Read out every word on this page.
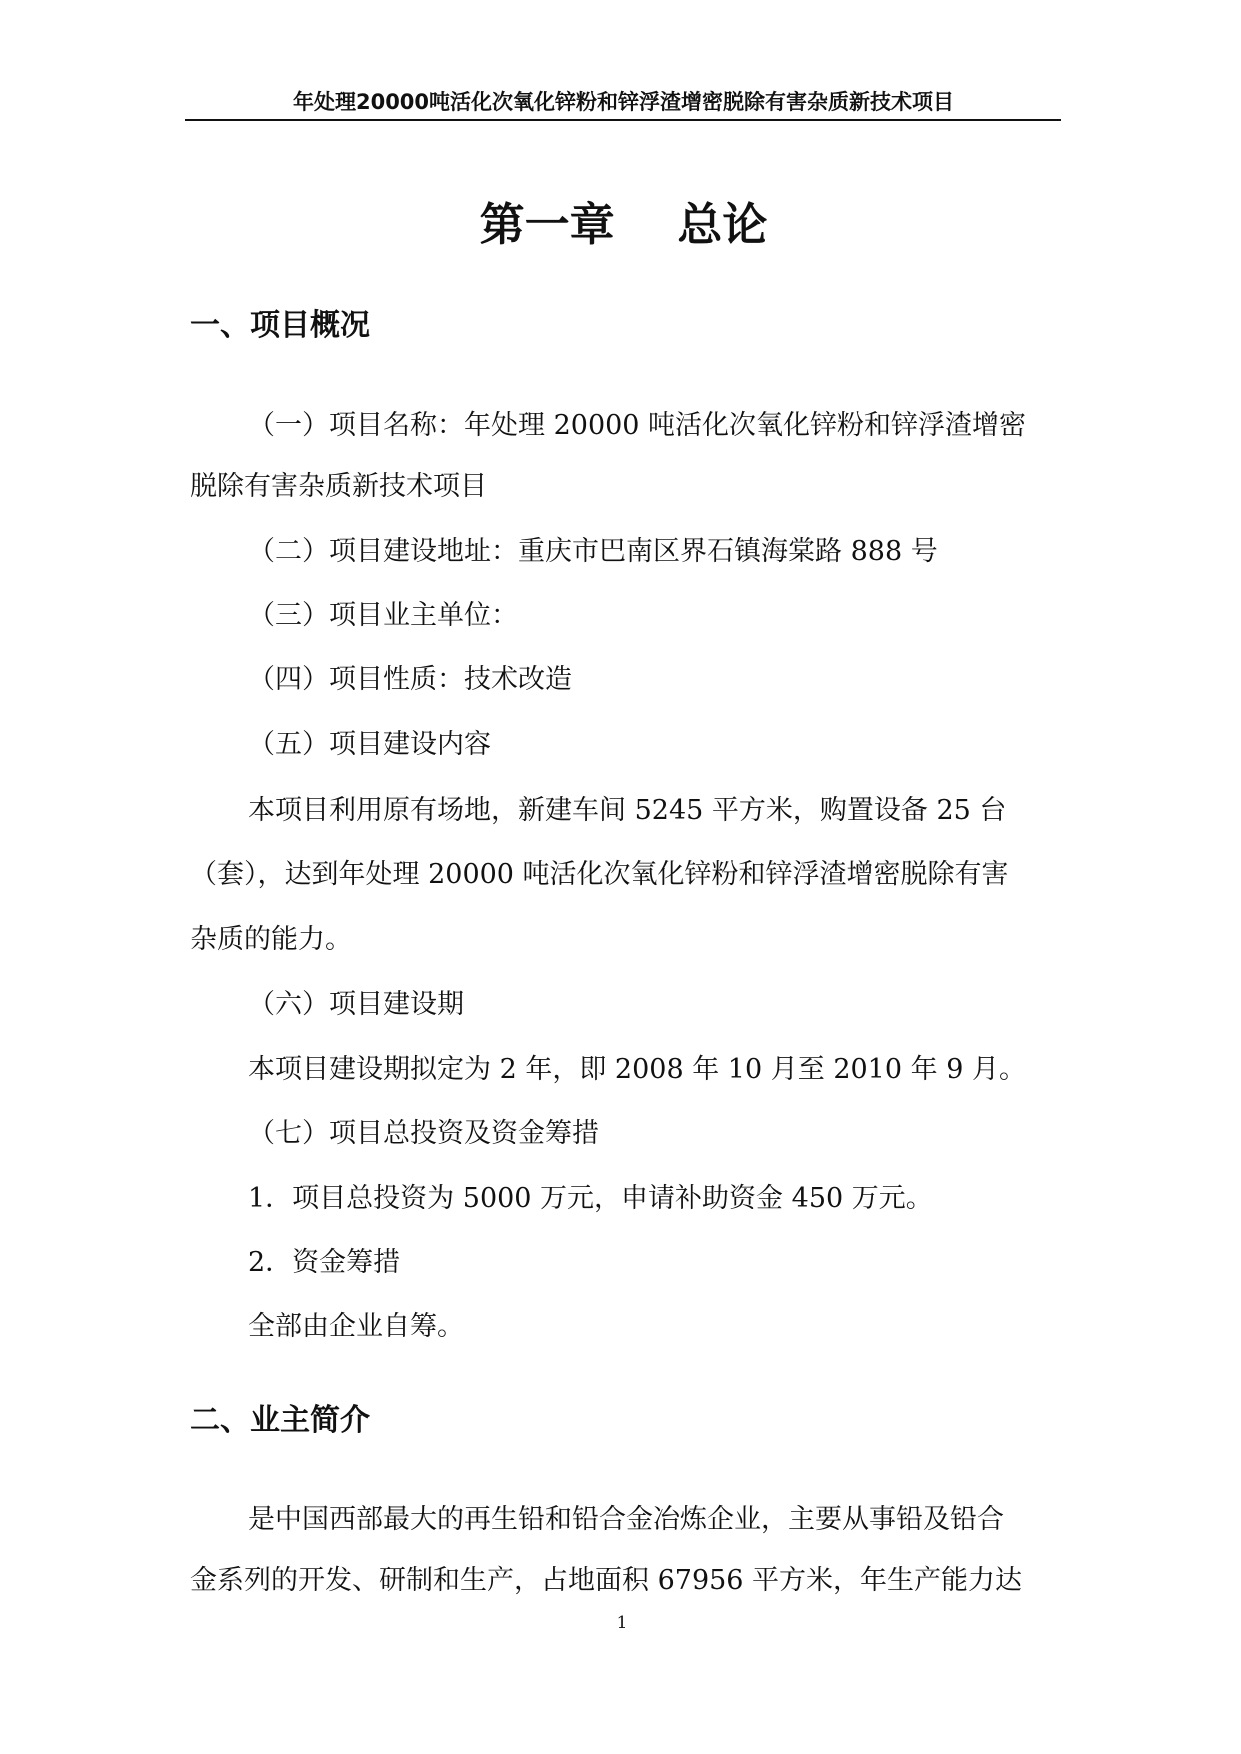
年处理20000吨活化次氧化锌粉和锌浮渣增密脱除有害杂质新技术项目
第一章    总论
一、项目概况
（一）项目名称：年处理 20000 吨活化次氧化锌粉和锌浮渣增密
脱除有害杂质新技术项目
（二）项目建设地址：重庆市巴南区界石镇海棠路 888 号
（三）项目业主单位：
（四）项目性质：技术改造
（五）项目建设内容
本项目利用原有场地，新建车间 5245 平方米，购置设备 25 台
（套），达到年处理 20000 吨活化次氧化锌粉和锌浮渣增密脱除有害
杂质的能力。
（六）项目建设期
本项目建设期拟定为 2 年，即 2008 年 10 月至 2010 年 9 月。
（七）项目总投资及资金筹措
1．项目总投资为 5000 万元，申请补助资金 450 万元。
2．资金筹措
全部由企业自筹。
二、业主简介
是中国西部最大的再生铅和铅合金冶炼企业，主要从事铅及铅合
金系列的开发、研制和生产，占地面积 67956 平方米，年生产能力达
1
